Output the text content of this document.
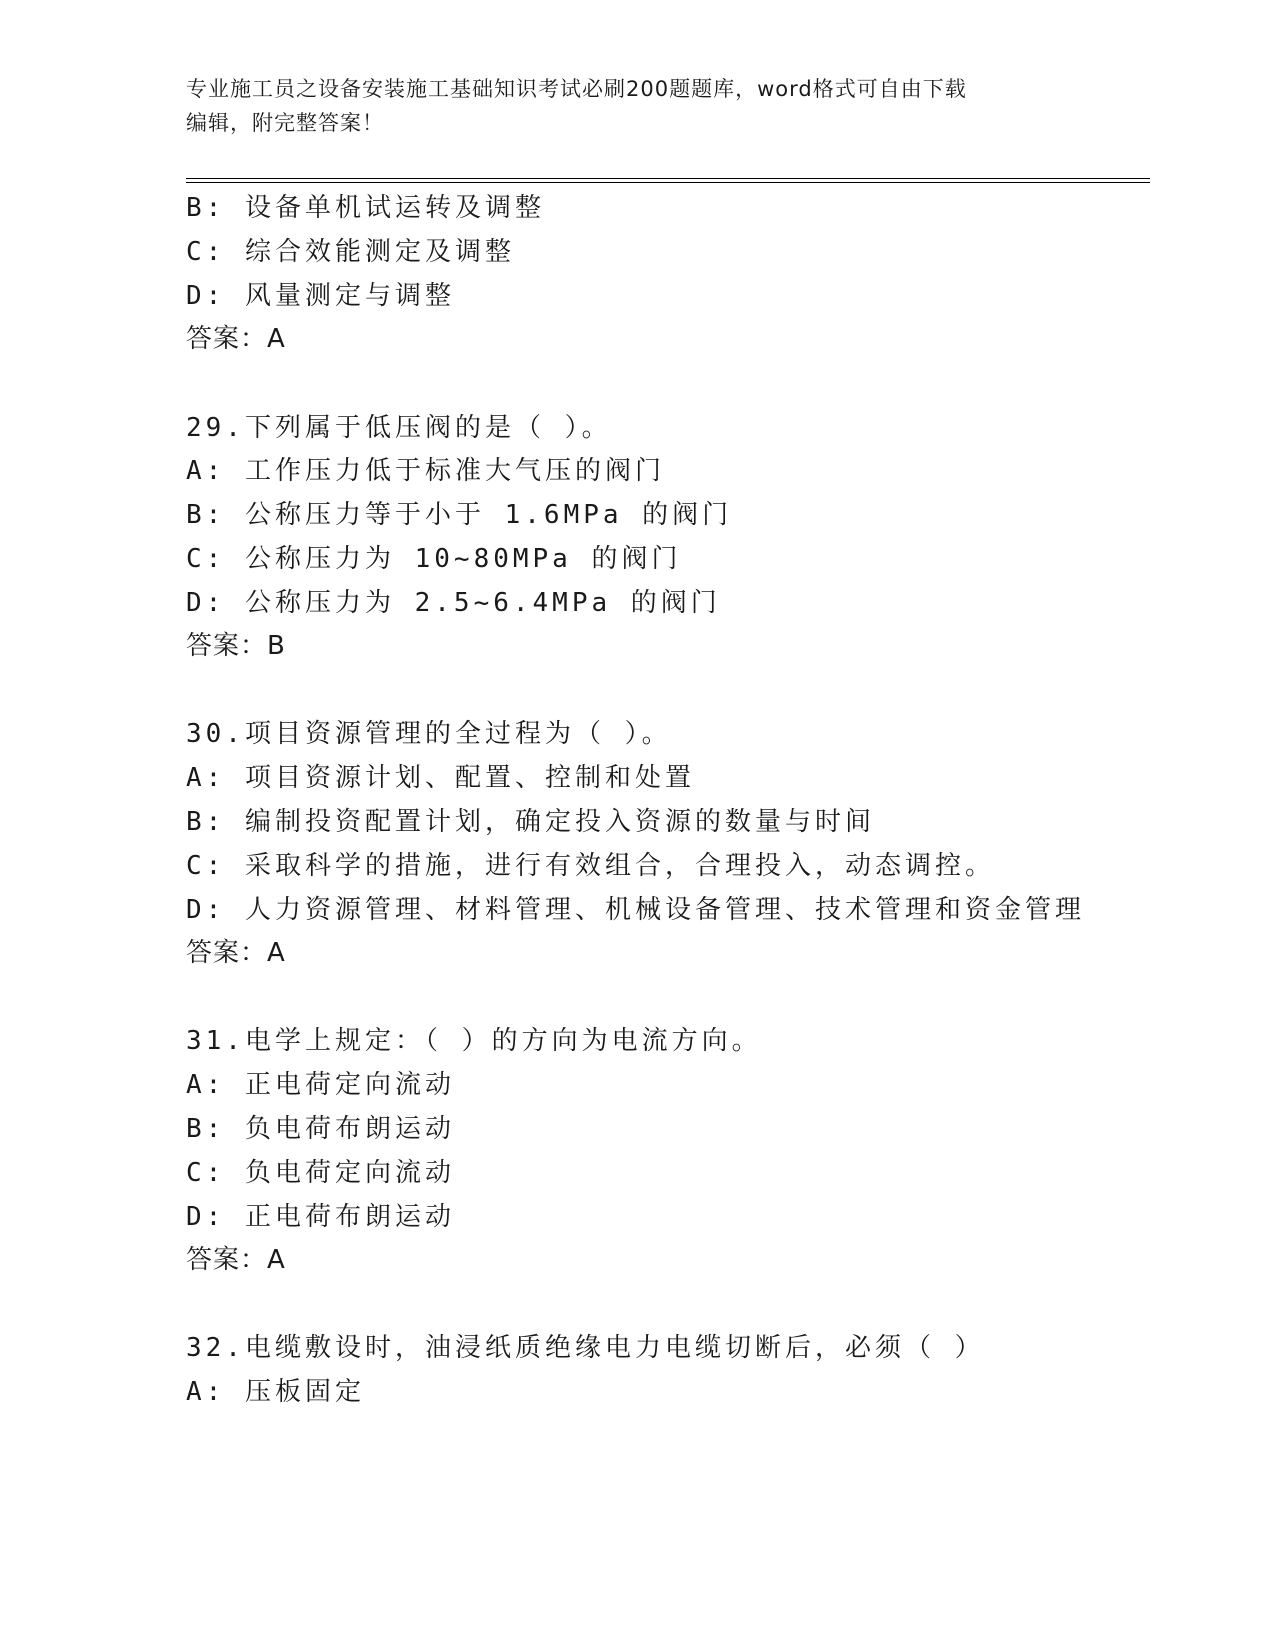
专业施工员之设备安装施工基础知识考试必刷200题题库，word格式可自由下载
编辑，附完整答案！
B: 设备单机试运转及调整
C: 综合效能测定及调整
D: 风量测定与调整
答案：A
29.下列属于低压阀的是（ ）。
A: 工作压力低于标准大气压的阀门
B: 公称压力等于小于 1.6MPa 的阀门
C: 公称压力为 10~80MPa 的阀门
D: 公称压力为 2.5~6.4MPa 的阀门
答案：B
30.项目资源管理的全过程为（ ）。
A: 项目资源计划、配置、控制和处置
B: 编制投资配置计划，确定投入资源的数量与时间
C: 采取科学的措施，进行有效组合，合理投入，动态调控。
D: 人力资源管理、材料管理、机械设备管理、技术管理和资金管理
答案：A
31.电学上规定：（ ）的方向为电流方向。
A: 正电荷定向流动
B: 负电荷布朗运动
C: 负电荷定向流动
D: 正电荷布朗运动
答案：A
32.电缆敷设时，油浸纸质绝缘电力电缆切断后，必须（ ）
A: 压板固定
